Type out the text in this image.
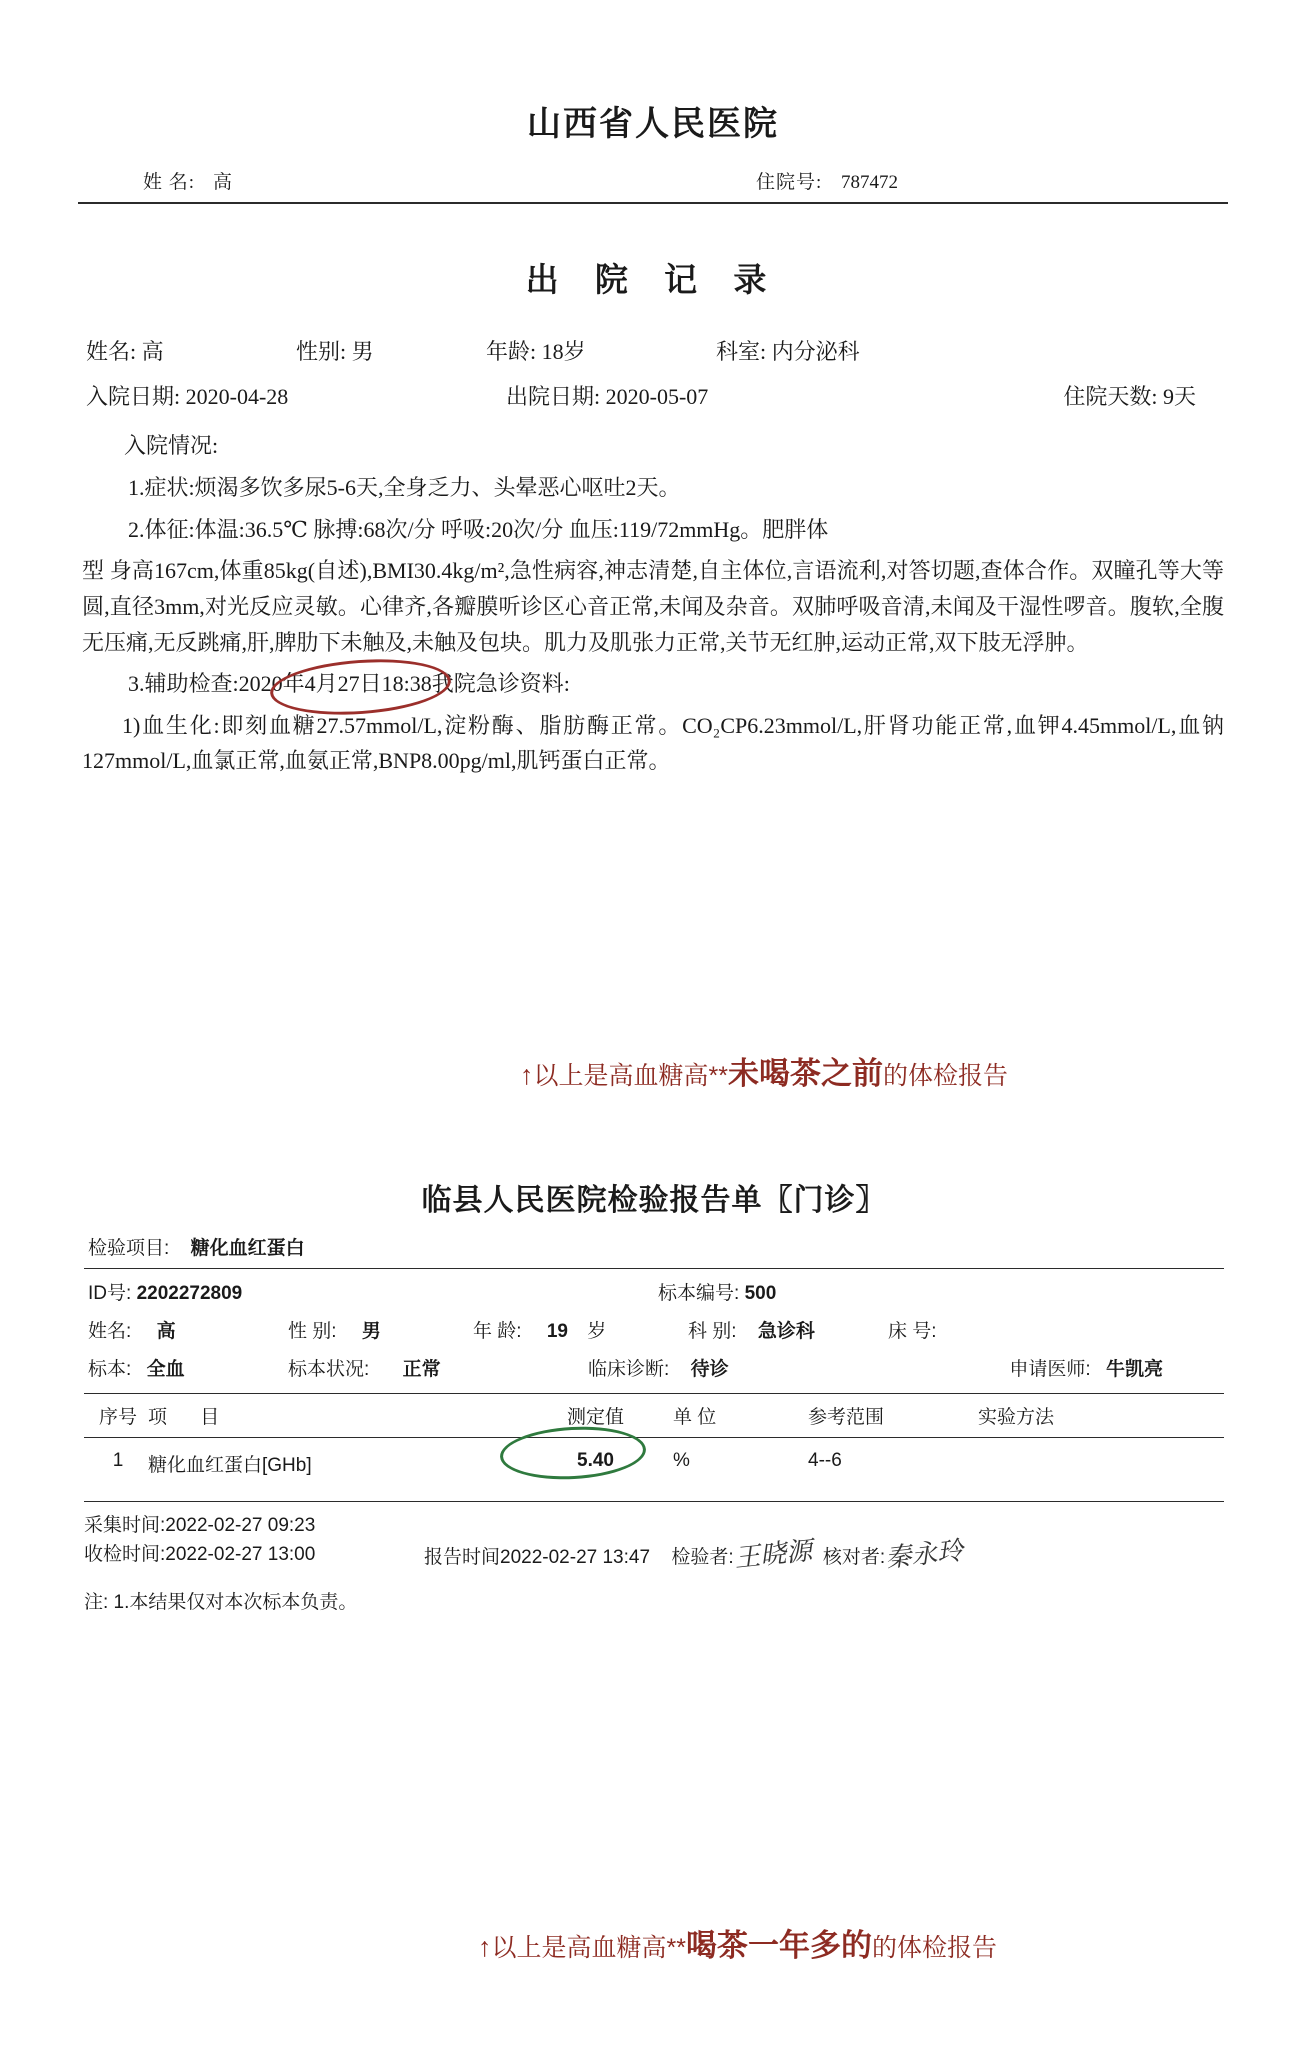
山西省人民医院
姓 名: 高	住院号: 787472
出 院 记 录
姓名: 高	性别: 男	年龄: 18岁	科室: 内分泌科
入院日期: 2020-04-28	出院日期: 2020-05-07	住院天数: 9天
入院情况:
1.症状:烦渴多饮多尿5-6天,全身乏力、头晕恶心呕吐2天。
2.体征:体温:36.5℃ 脉搏:68次/分 呼吸:20次/分 血压:119/72mmHg。肥胖体
型 身高167cm,体重85kg(自述),BMI30.4kg/m²,急性病容,神志清楚,自主体位,言语流利,对答切题,查体合作。双瞳孔等大等圆,直径3mm,对光反应灵敏。心律齐,各瓣膜听诊区心音正常,未闻及杂音。双肺呼吸音清,未闻及干湿性啰音。腹软,全腹无压痛,无反跳痛,肝,脾肋下未触及,未触及包块。肌力及肌张力正常,关节无红肿,运动正常,双下肢无浮肿。
3.辅助检查:2020年4月27日18:38我院急诊资料:
1)血生化:即刻血糖27.57mmol/L,淀粉酶、脂肪酶正常。CO₂CP6.23mmol/L,肝肾功能正常,血钾4.45mmol/L,血钠127mmol/L,血氯正常,血氨正常,BNP8.00pg/ml,肌钙蛋白正常。
↑以上是高血糖高**未喝茶之前的体检报告
临县人民医院检验报告单〖门诊〗
检验项目: 糖化血红蛋白
ID号: 2202272809	标本编号: 500
姓名: 高	性 别: 男	年 龄: 19 岁	科 别: 急诊科	床 号:
标本: 全血	标本状况: 正常	临床诊断: 待诊	申请医师: 牛凯亮
序号 项 目	测定值	单 位	参考范围	实验方法
1	糖化血红蛋白[GHb]	5.40	%	4--6
采集时间:2022-02-27 09:23
收检时间:2022-02-27 13:00	报告时间2022-02-27 13:47 检验者:王晓源 核对者:秦永玲
注: 1.本结果仅对本次标本负责。
↑以上是高血糖高**喝茶一年多的的体检报告
